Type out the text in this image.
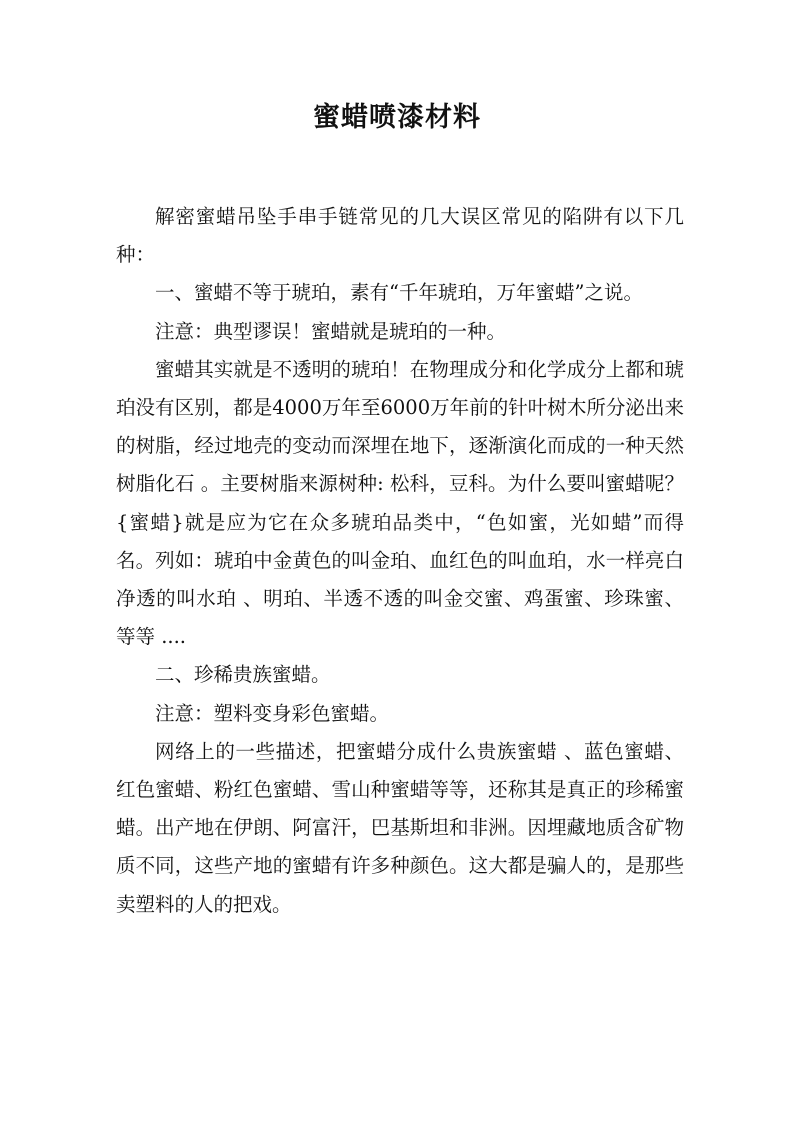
蜜蜡喷漆材料

解密蜜蜡吊坠手串手链常见的几大误区常见的陷阱有以下几种：

一、蜜蜡不等于琥珀，素有“千年琥珀，万年蜜蜡”之说。

注意：典型谬误！蜜蜡就是琥珀的一种。

蜜蜡其实就是不透明的琥珀！在物理成分和化学成分上都和琥珀没有区别，都是4000万年至6000万年前的针叶树木所分泌出来的树脂，经过地壳的变动而深埋在地下，逐渐演化而成的一种天然树脂化石 。主要树脂来源树种: 松科，豆科。为什么要叫蜜蜡呢？{蜜蜡}就是应为它在众多琥珀品类中，“色如蜜，光如蜡”而得名。列如：琥珀中金黄色的叫金珀、血红色的叫血珀，水一样亮白净透的叫水珀 、明珀、半透不透的叫金交蜜、鸡蛋蜜、珍珠蜜、等等 ....

二、珍稀贵族蜜蜡。

注意：塑料变身彩色蜜蜡。

网络上的一些描述，把蜜蜡分成什么贵族蜜蜡 、蓝色蜜蜡、红色蜜蜡、粉红色蜜蜡、雪山种蜜蜡等等，还称其是真正的珍稀蜜蜡。出产地在伊朗、阿富汗，巴基斯坦和非洲。因埋藏地质含矿物质不同，这些产地的蜜蜡有许多种颜色。这大都是骗人的，是那些卖塑料的人的把戏。
